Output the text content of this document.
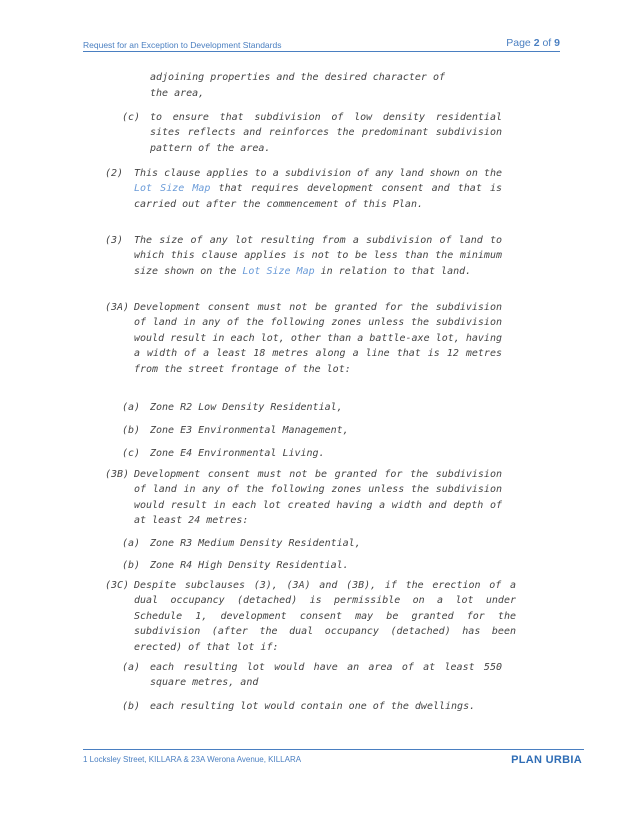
Request for an Exception to Development Standards	Page 2 of 9
adjoining properties and the desired character of
the area,
(c) to ensure that subdivision of low density residential sites reflects and reinforces the predominant subdivision pattern of the area.
(2) This clause applies to a subdivision of any land shown on the Lot Size Map that requires development consent and that is carried out after the commencement of this Plan.
(3) The size of any lot resulting from a subdivision of land to which this clause applies is not to be less than the minimum size shown on the Lot Size Map in relation to that land.
(3A) Development consent must not be granted for the subdivision of land in any of the following zones unless the subdivision would result in each lot, other than a battle-axe lot, having a width of a least 18 metres along a line that is 12 metres from the street frontage of the lot:
(a) Zone R2 Low Density Residential,
(b) Zone E3 Environmental Management,
(c) Zone E4 Environmental Living.
(3B) Development consent must not be granted for the subdivision of land in any of the following zones unless the subdivision would result in each lot created having a width and depth of at least 24 metres:
(a) Zone R3 Medium Density Residential,
(b) Zone R4 High Density Residential.
(3C) Despite subclauses (3), (3A) and (3B), if the erection of a dual occupancy (detached) is permissible on a lot under Schedule 1, development consent may be granted for the subdivision (after the dual occupancy (detached) has been erected) of that lot if:
(a) each resulting lot would have an area of at least 550 square metres, and
(b) each resulting lot would contain one of the dwellings.
1 Locksley Street, KILLARA & 23A Werona Avenue, KILLARA	PLAN URBIA
